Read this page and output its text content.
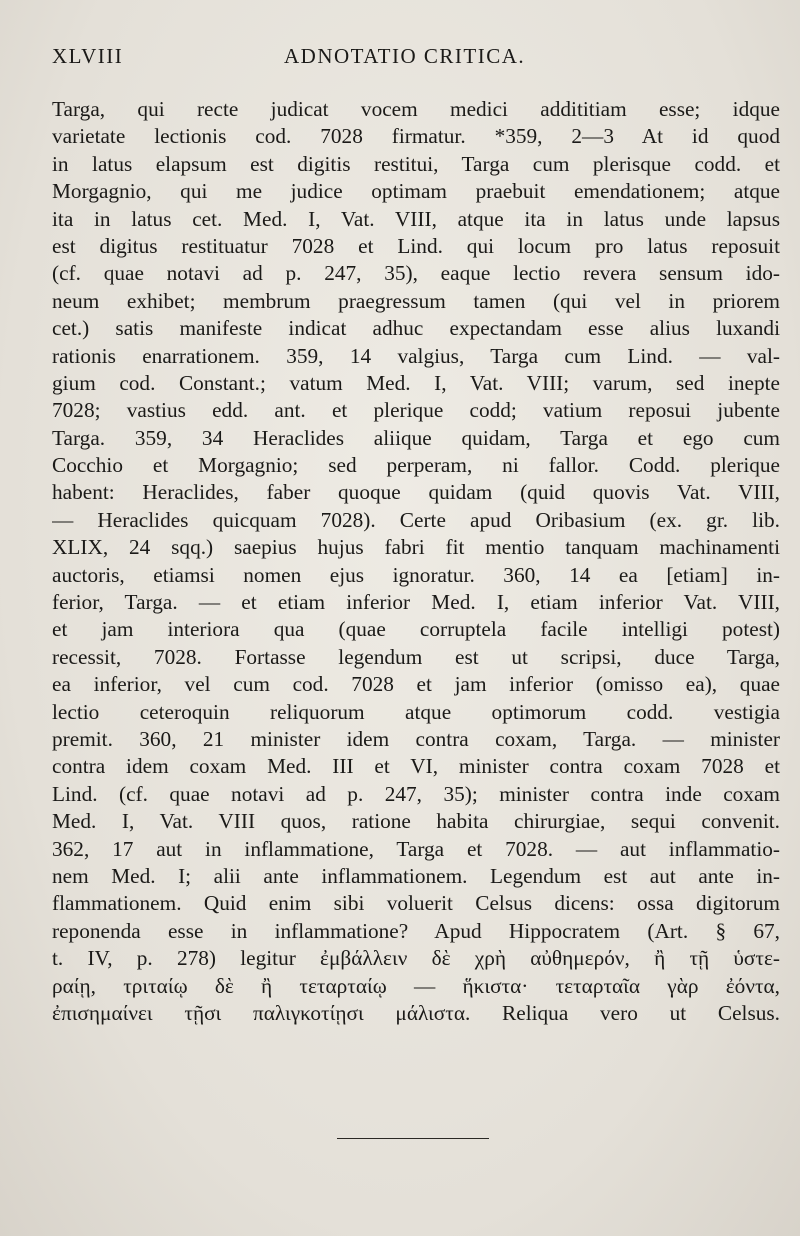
XLVIII	ADNOTATIO CRITICA.
Targa, qui recte judicat vocem medici addititiam esse; idque
varietate lectionis cod. 7028 firmatur. *359, 2—3 At id quod
in latus elapsum est digitis restitui, Targa cum plerisque codd. et
Morgagnio, qui me judice optimam praebuit emendationem; atque
ita in latus cet. Med. I, Vat. VIII, atque ita in latus unde lapsus
est digitus restituatur 7028 et Lind. qui locum pro latus reposuit
(cf. quae notavi ad p. 247, 35), eaque lectio revera sensum ido-
neum exhibet; membrum praegressum tamen (qui vel in priorem
cet.) satis manifeste indicat adhuc expectandam esse alius luxandi
rationis enarrationem. 359, 14 valgius, Targa cum Lind. — val-
gium cod. Constant.; vatum Med. I, Vat. VIII; varum, sed inepte
7028; vastius edd. ant. et plerique codd; vatium reposui jubente
Targa. 359, 34 Heraclides aliique quidam, Targa et ego cum
Cocchio et Morgagnio; sed perperam, ni fallor. Codd. plerique
habent: Heraclides, faber quoque quidam (quid quovis Vat. VIII,
— Heraclides quicquam 7028). Certe apud Oribasium (ex. gr. lib.
XLIX, 24 sqq.) saepius hujus fabri fit mentio tanquam machinamenti
auctoris, etiamsi nomen ejus ignoratur. 360, 14 ea [etiam] in-
ferior, Targa. — et etiam inferior Med. I, etiam inferior Vat. VIII,
et jam interiora qua (quae corruptela facile intelligi potest)
recessit, 7028. Fortasse legendum est ut scripsi, duce Targa,
ea inferior, vel cum cod. 7028 et jam inferior (omisso ea), quae
lectio ceteroquin reliquorum atque optimorum codd. vestigia
premit. 360, 21 minister idem contra coxam, Targa. — minister
contra idem coxam Med. III et VI, minister contra coxam 7028 et
Lind. (cf. quae notavi ad p. 247, 35); minister contra inde coxam
Med. I, Vat. VIII quos, ratione habita chirurgiae, sequi convenit.
362, 17 aut in inflammatione, Targa et 7028. — aut inflammatio-
nem Med. I; alii ante inflammationem. Legendum est aut ante in-
flammationem. Quid enim sibi voluerit Celsus dicens: ossa digitorum
reponenda esse in inflammatione? Apud Hippocratem (Art. § 67,
t. IV, p. 278) legitur ἐμβάλλειν δὲ χρὴ αὐθημερόν, ἢ τῇ ὑστε-
ραίῃ, τριταίῳ δὲ ἢ τεταρταίῳ — ἥκιστα· τεταρταῖα γὰρ ἐόντα,
ἐπισημαίνει τῇσι παλιγκοτίῃσι μάλιστα. Reliqua vero ut Celsus.
